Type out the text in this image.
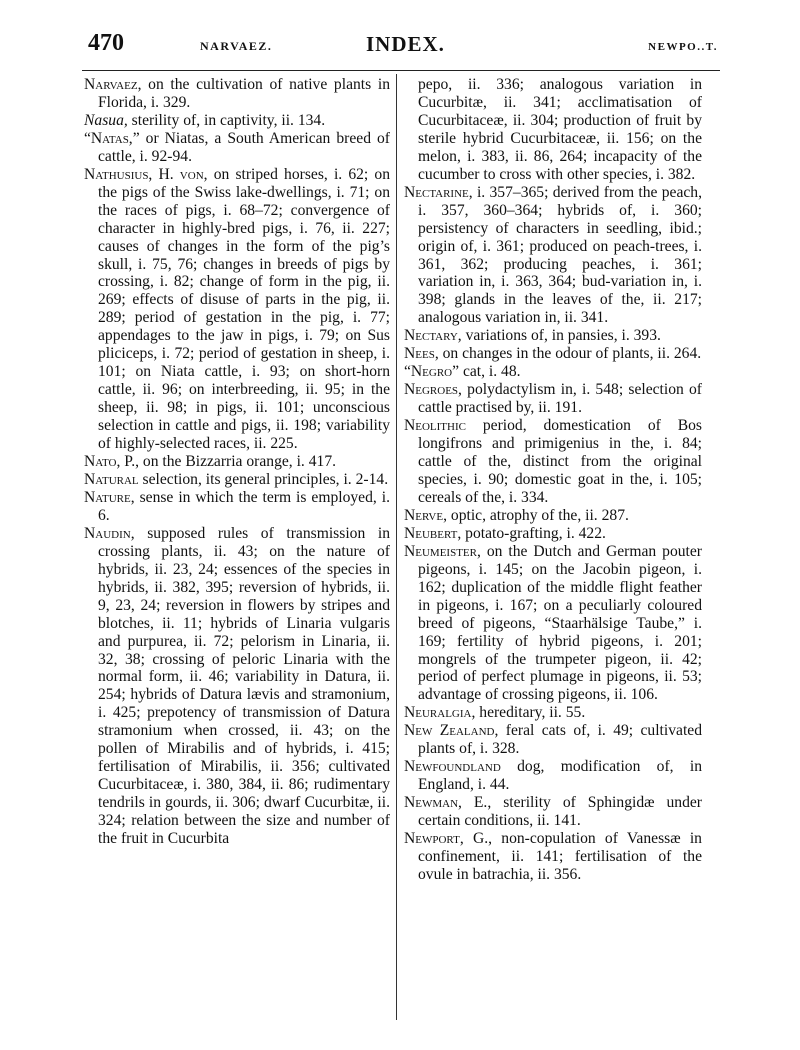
470	NARVAEZ.	INDEX.	NEWPO..T.

Narvaez, on the cultivation of native plants in Florida, i. 329.

Nasua, sterility of, in captivity, ii. 134.

“Natas,” or Niatas, a South American breed of cattle, i. 92-94.

Nathusius, H. von, on striped horses, i. 62; on the pigs of the Swiss lake-dwellings, i. 71; on the races of pigs, i. 68–72; convergence of character in highly-bred pigs, i. 76, ii. 227; causes of changes in the form of the pig’s skull, i. 75, 76; changes in breeds of pigs by crossing, i. 82; change of form in the pig, ii. 269; effects of disuse of parts in the pig, ii. 289; period of gestation in the pig, i. 77; appendages to the jaw in pigs, i. 79; on Sus pliciceps, i. 72; period of gestation in sheep, i. 101; on Niata cattle, i. 93; on short-horn cattle, ii. 96; on interbreeding, ii. 95; in the sheep, ii. 98; in pigs, ii. 101; unconscious selection in cattle and pigs, ii. 198; variability of highly-selected races, ii. 225.

Nato, P., on the Bizzarria orange, i. 417.

Natural selection, its general principles, i. 2-14.

Nature, sense in which the term is employed, i. 6.

Naudin, supposed rules of transmission in crossing plants, ii. 43; on the nature of hybrids, ii. 23, 24; essences of the species in hybrids, ii. 382, 395; reversion of hybrids, ii. 9, 23, 24; reversion in flowers by stripes and blotches, ii. 11; hybrids of Linaria vulgaris and purpurea, ii. 72; pelorism in Linaria, ii. 32, 38; crossing of peloric Linaria with the normal form, ii. 46; variability in Datura, ii. 254; hybrids of Datura lævis and stramonium, i. 425; prepotency of transmission of Datura stramonium when crossed, ii. 43; on the pollen of Mirabilis and of hybrids, i. 415; fertilisation of Mirabilis, ii. 356; cultivated Cucurbitaceæ, i. 380, 384, ii. 86; rudimentary tendrils in gourds, ii. 306; dwarf Cucurbitæ, ii. 324; relation between the size and number of the fruit in Cucurbita

pepo, ii. 336; analogous variation in Cucurbitæ, ii. 341; acclimatisation of Cucurbitaceæ, ii. 304; production of fruit by sterile hybrid Cucurbitaceæ, ii. 156; on the melon, i. 383, ii. 86, 264; incapacity of the cucumber to cross with other species, i. 382.

Nectarine, i. 357–365; derived from the peach, i. 357, 360–364; hybrids of, i. 360; persistency of characters in seedling, ibid.; origin of, i. 361; produced on peach-trees, i. 361, 362; producing peaches, i. 361; variation in, i. 363, 364; bud-variation in, i. 398; glands in the leaves of the, ii. 217; analogous variation in, ii. 341.

Nectary, variations of, in pansies, i. 393.

Nees, on changes in the odour of plants, ii. 264.

“Negro” cat, i. 48.

Negroes, polydactylism in, i. 548; selection of cattle practised by, ii. 191.

Neolithic period, domestication of Bos longifrons and primigenius in the, i. 84; cattle of the, distinct from the original species, i. 90; domestic goat in the, i. 105; cereals of the, i. 334.

Nerve, optic, atrophy of the, ii. 287.

Neubert, potato-grafting, i. 422.

Neumeister, on the Dutch and German pouter pigeons, i. 145; on the Jacobin pigeon, i. 162; duplication of the middle flight feather in pigeons, i. 167; on a peculiarly coloured breed of pigeons, “Staarhälsige Taube,” i. 169; fertility of hybrid pigeons, i. 201; mongrels of the trumpeter pigeon, ii. 42; period of perfect plumage in pigeons, ii. 53; advantage of crossing pigeons, ii. 106.

Neuralgia, hereditary, ii. 55.

New Zealand, feral cats of, i. 49; cultivated plants of, i. 328.

Newfoundland dog, modification of, in England, i. 44.

Newman, E., sterility of Sphingidæ under certain conditions, ii. 141.

Newport, G., non-copulation of Vanessæ in confinement, ii. 141; fertilisation of the ovule in batrachia, ii. 356.
